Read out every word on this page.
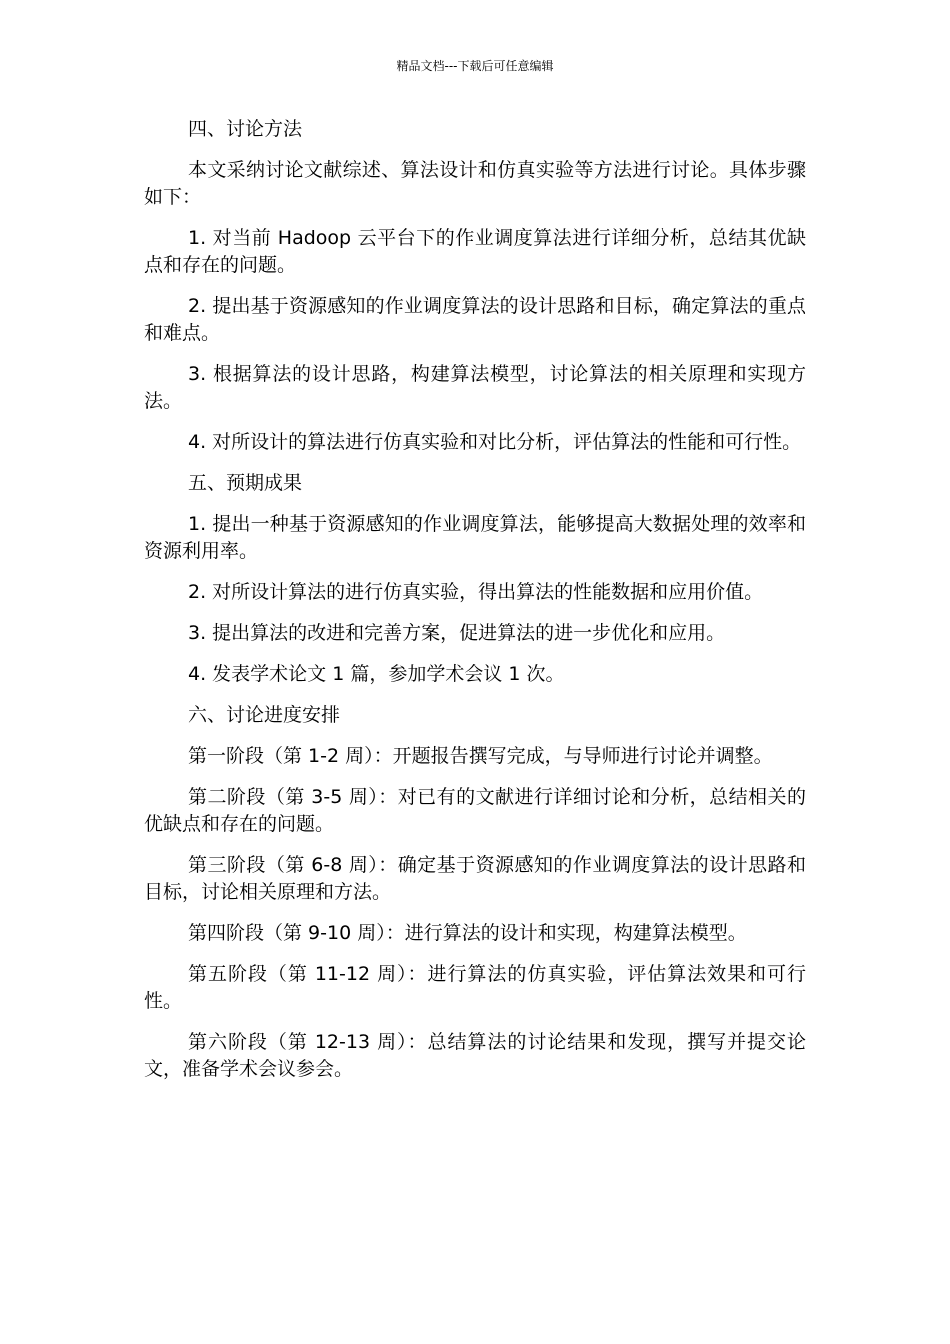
精品文档---下载后可任意编辑

四、讨论方法

本文采纳讨论文献综述、算法设计和仿真实验等方法进行讨论。具体步骤如下：

1. 对当前 Hadoop 云平台下的作业调度算法进行详细分析，总结其优缺点和存在的问题。

2. 提出基于资源感知的作业调度算法的设计思路和目标，确定算法的重点和难点。

3. 根据算法的设计思路，构建算法模型，讨论算法的相关原理和实现方法。

4. 对所设计的算法进行仿真实验和对比分析，评估算法的性能和可行性。

五、预期成果

1. 提出一种基于资源感知的作业调度算法，能够提高大数据处理的效率和资源利用率。

2. 对所设计算法的进行仿真实验，得出算法的性能数据和应用价值。

3. 提出算法的改进和完善方案，促进算法的进一步优化和应用。

4. 发表学术论文 1 篇，参加学术会议 1 次。

六、讨论进度安排

第一阶段（第 1-2 周）：开题报告撰写完成，与导师进行讨论并调整。

第二阶段（第 3-5 周）：对已有的文献进行详细讨论和分析，总结相关的优缺点和存在的问题。

第三阶段（第 6-8 周）：确定基于资源感知的作业调度算法的设计思路和目标，讨论相关原理和方法。

第四阶段（第 9-10 周）：进行算法的设计和实现，构建算法模型。

第五阶段（第 11-12 周）：进行算法的仿真实验，评估算法效果和可行性。

第六阶段（第 12-13 周）：总结算法的讨论结果和发现，撰写并提交论文，准备学术会议参会。
